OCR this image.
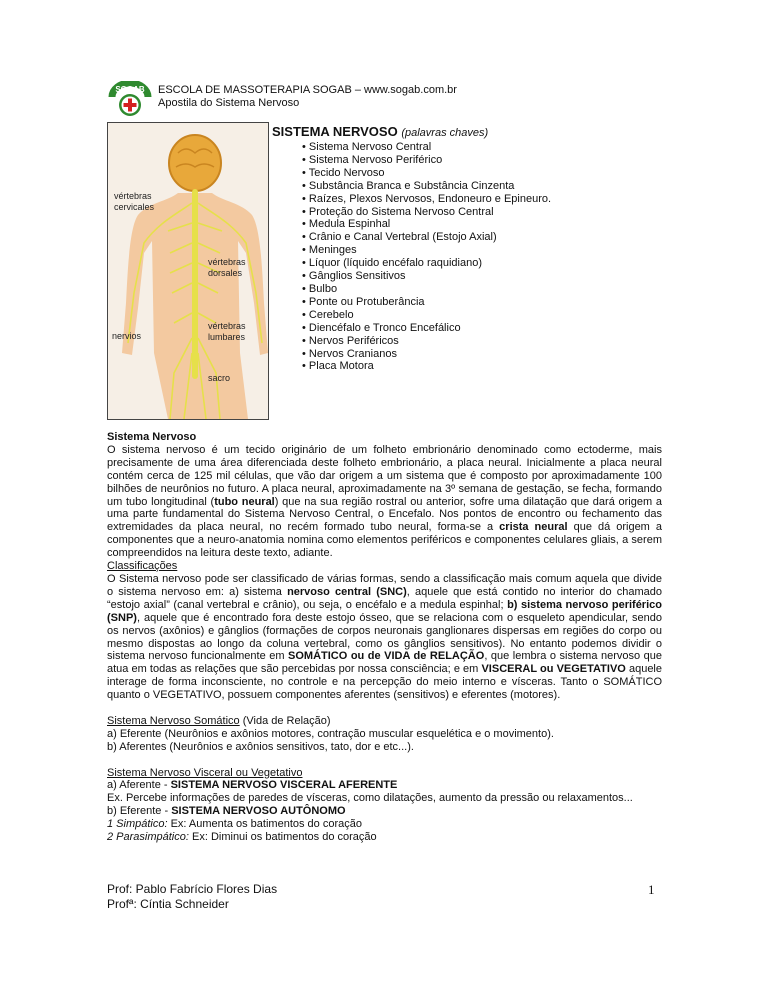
SOGAB ESCOLA DE MASSOTERAPIA SOGAB – www.sogab.com.br
Apostila do Sistema Nervoso
vértebras
cervicales
vértebras
dorsales
nervios
vértebras
lumbares
sacro
SISTEMA NERVOSO (palavras chaves)
• Sistema Nervoso Central
• Sistema Nervoso Periférico
• Tecido Nervoso
• Substância Branca e Substância Cinzenta
• Raízes, Plexos Nervosos, Endoneuro e Epineuro.
• Proteção do Sistema Nervoso Central
• Medula Espinhal
• Crânio e Canal Vertebral (Estojo Axial)
• Meninges
• Líquor (líquido encéfalo raquidiano)
• Gânglios Sensitivos
• Bulbo
• Ponte ou Protuberância
• Cerebelo
• Diencéfalo e Tronco Encefálico
• Nervos Periféricos
• Nervos Cranianos
• Placa Motora

Sistema Nervoso

O sistema nervoso é um tecido originário de um folheto embrionário denominado como ectoderme, mais precisamente de uma área diferenciada deste folheto embrionário, a placa neural. Inicialmente a placa neural contém cerca de 125 mil células, que vão dar origem a um sistema que é composto por aproximadamente 100 bilhões de neurônios no futuro. A placa neural, aproximadamente na 3º semana de gestação, se fecha, formando um tubo longitudinal (tubo neural) que na sua região rostral ou anterior, sofre uma dilatação que dará origem a uma parte fundamental do Sistema Nervoso Central, o Encefalo. Nos pontos de encontro ou fechamento das extremidades da placa neural, no recém formado tubo neural, forma-se a crista neural que dá origem a componentes que a neuro-anatomia nomina como elementos periféricos e componentes celulares gliais, a serem compreendidos na leitura deste texto, adiante.

Classificações

O Sistema nervoso pode ser classificado de várias formas, sendo a classificação mais comum aquela que divide o sistema nervoso em: a) sistema nervoso central (SNC), aquele que está contido no interior do chamado “estojo axial” (canal vertebral e crânio), ou seja, o encéfalo e a medula espinhal; b) sistema nervoso periférico (SNP), aquele que é encontrado fora deste estojo ósseo, que se relaciona com o esqueleto apendicular, sendo os nervos (axônios) e gânglios (formações de corpos neuronais ganglionares dispersas em regiões do corpo ou mesmo dispostas ao longo da coluna vertebral, como os gânglios sensitivos). No entanto podemos dividir o sistema nervoso funcionalmente em SOMÁTICO ou de VIDA de RELAÇÃO, que lembra o sistema nervoso que atua em todas as relações que são percebidas por nossa consciência; e em VISCERAL ou VEGETATIVO aquele interage de forma inconsciente, no controle e na percepção do meio interno e vísceras. Tanto o SOMÁTICO quanto o VEGETATIVO, possuem componentes aferentes (sensitivos) e eferentes (motores).

Sistema Nervoso Somático (Vida de Relação)

a) Eferente (Neurônios e axônios motores, contração muscular esquelética e o movimento).

b) Aferentes (Neurônios e axônios sensitivos, tato, dor e etc...).

Sistema Nervoso Visceral ou Vegetativo

a) Aferente - SISTEMA NERVOSO VISCERAL AFERENTE

Ex. Percebe informações de paredes de vísceras, como dilatações, aumento da pressão ou relaxamentos...

b) Eferente - SISTEMA NERVOSO AUTÔNOMO

1 Simpático: Ex: Aumenta os batimentos do coração

2 Parasimpático: Ex: Diminui os batimentos do coração

Prof: Pablo Fabrício Flores Dias
Profª: Cíntia Schneider
1
